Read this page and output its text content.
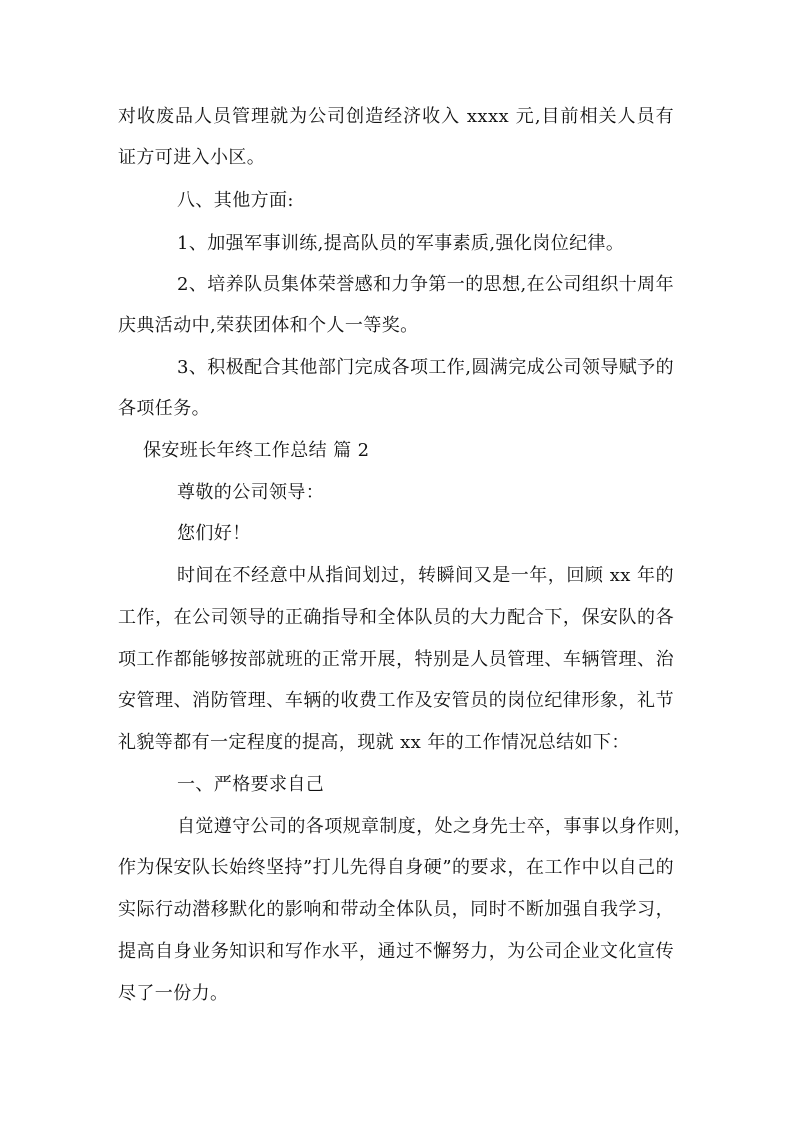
对收废品人员管理就为公司创造经济收入 xxxx 元,目前相关人员有
证方可进入小区。
八、其他方面:
1、加强军事训练,提高队员的军事素质,强化岗位纪律。
2、培养队员集体荣誉感和力争第一的思想,在公司组织十周年
庆典活动中,荣获团体和个人一等奖。
3、积极配合其他部门完成各项工作,圆满完成公司领导赋予的
各项任务。
保安班长年终工作总结 篇 2
尊敬的公司领导：
您们好！
时间在不经意中从指间划过，转瞬间又是一年，回顾 xx 年的
工作，在公司领导的正确指导和全体队员的大力配合下，保安队的各
项工作都能够按部就班的正常开展，特别是人员管理、车辆管理、治
安管理、消防管理、车辆的收费工作及安管员的岗位纪律形象，礼节
礼貌等都有一定程度的提高，现就 xx 年的工作情况总结如下：
一、严格要求自己
自觉遵守公司的各项规章制度，处之身先士卒，事事以身作则，
作为保安队长始终坚持”打儿先得自身硬”的要求，在工作中以自己的
实际行动潜移默化的影响和带动全体队员，同时不断加强自我学习，
提高自身业务知识和写作水平，通过不懈努力，为公司企业文化宣传
尽了一份力。
